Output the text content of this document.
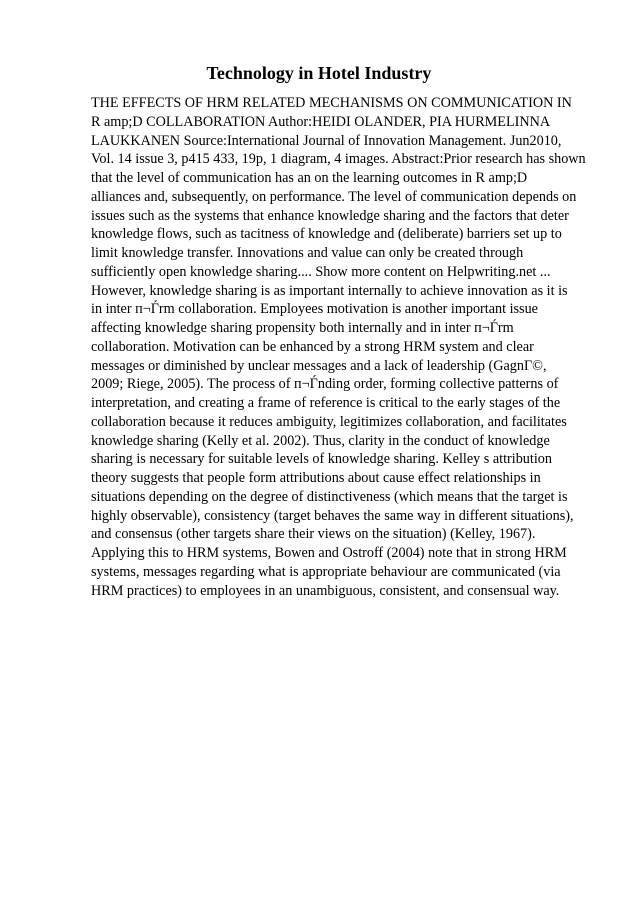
Technology in Hotel Industry
THE EFFECTS OF HRM RELATED MECHANISMS ON COMMUNICATION IN
R amp;D COLLABORATION Author:HEIDI OLANDER, PIA HURMELINNA
LAUKKANEN Source:International Journal of Innovation Management. Jun2010,
Vol. 14 issue 3, p415 433, 19p, 1 diagram, 4 images. Abstract:Prior research has shown
that the level of communication has an on the learning outcomes in R amp;D
alliances and, subsequently, on performance. The level of communication depends on
issues such as the systems that enhance knowledge sharing and the factors that deter
knowledge flows, such as tacitness of knowledge and (deliberate) barriers set up to
limit knowledge transfer. Innovations and value can only be created through
sufficiently open knowledge sharing.... Show more content on Helpwriting.net ...
However, knowledge sharing is as important internally to achieve innovation as it is
in inter п¬Ѓrm collaboration. Employees motivation is another important issue
affecting knowledge sharing propensity both internally and in inter п¬Ѓrm
collaboration. Motivation can be enhanced by a strong HRM system and clear
messages or diminished by unclear messages and a lack of leadership (GagnГ©,
2009; Riege, 2005). The process of п¬Ѓnding order, forming collective patterns of
interpretation, and creating a frame of reference is critical to the early stages of the
collaboration because it reduces ambiguity, legitimizes collaboration, and facilitates
knowledge sharing (Kelly et al. 2002). Thus, clarity in the conduct of knowledge
sharing is necessary for suitable levels of knowledge sharing. Kelley s attribution
theory suggests that people form attributions about cause effect relationships in
situations depending on the degree of distinctiveness (which means that the target is
highly observable), consistency (target behaves the same way in different situations),
and consensus (other targets share their views on the situation) (Kelley, 1967).
Applying this to HRM systems, Bowen and Ostroff (2004) note that in strong HRM
systems, messages regarding what is appropriate behaviour are communicated (via
HRM practices) to employees in an unambiguous, consistent, and consensual way.
